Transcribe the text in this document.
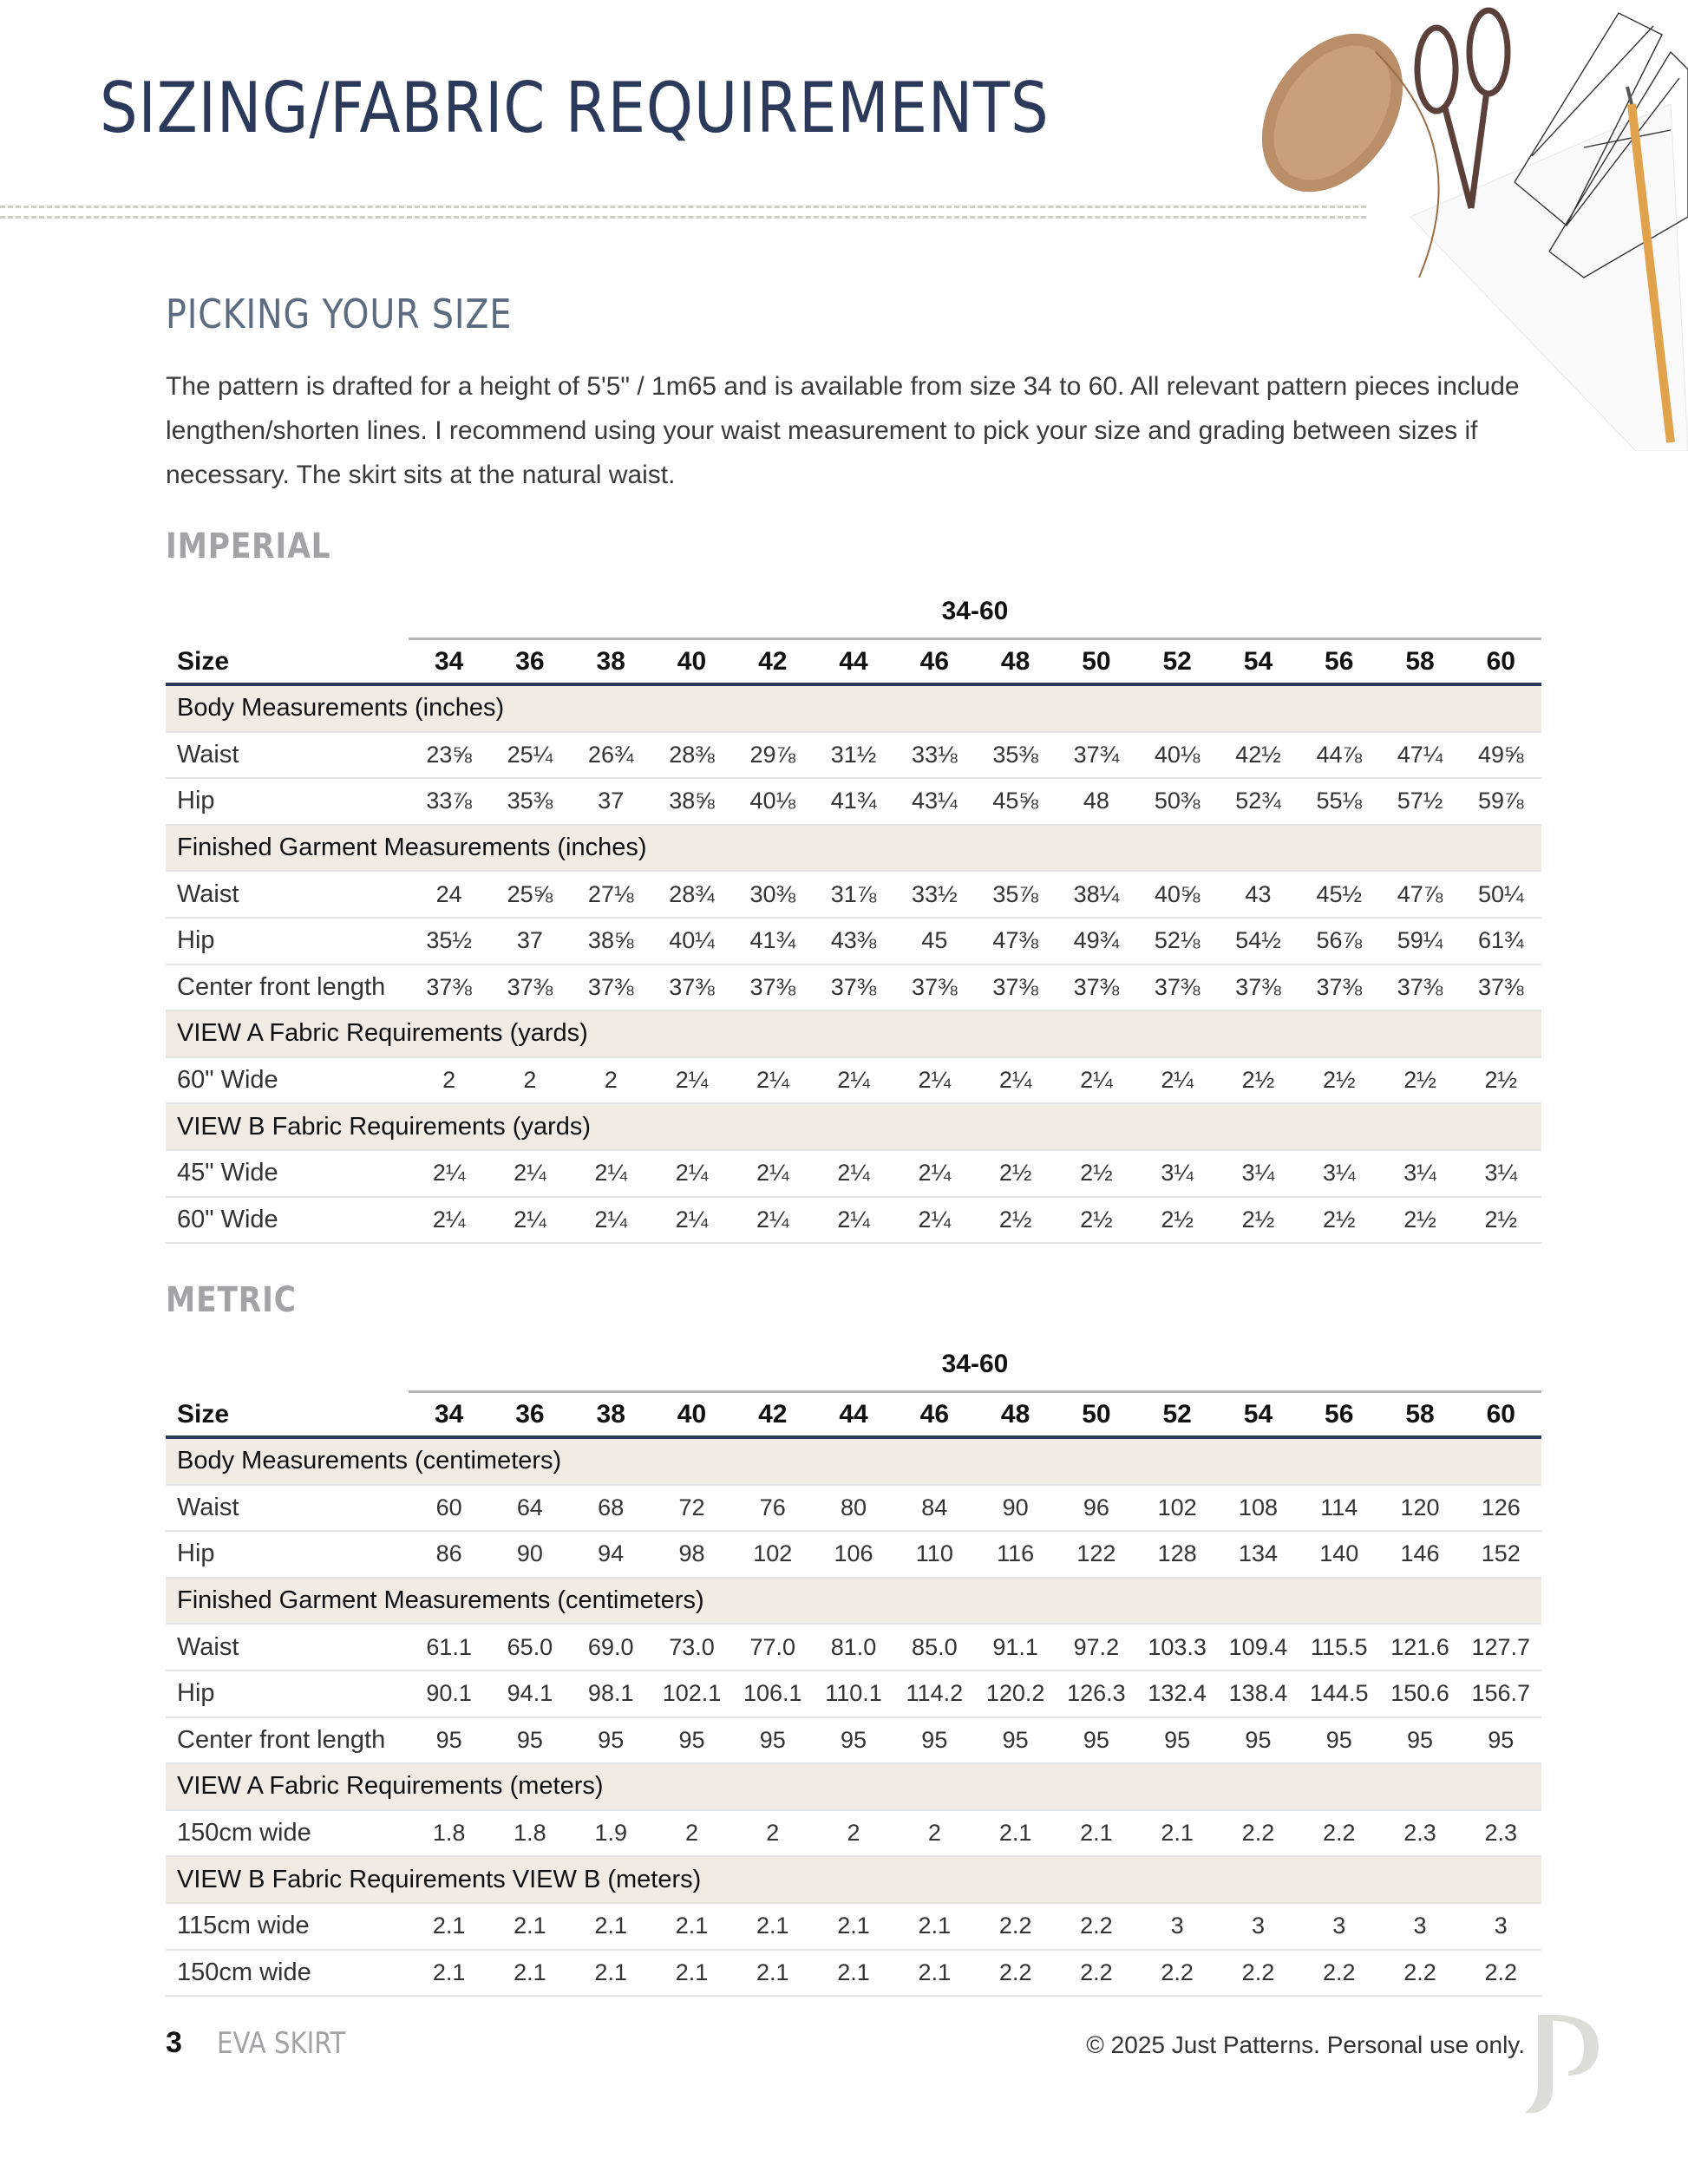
SIZING/FABRIC REQUIREMENTS
PICKING YOUR SIZE

The pattern is drafted for a height of 5'5" / 1m65 and is available from size 34 to 60. All relevant pattern pieces include lengthen/shorten lines. I recommend using your waist measurement to pick your size and grading between sizes if necessary. The skirt sits at the natural waist.

IMPERIAL
34-60
Size	34	36	38	40	42	44	46	48	50	52	54	56	58	60
Body Measurements (inches)
Waist	23⅝	25¼	26¾	28⅜	29⅞	31½	33⅛	35⅜	37¾	40⅛	42½	44⅞	47¼	49⅝
Hip	33⅞	35⅜	37	38⅝	40⅛	41¾	43¼	45⅝	48	50⅜	52¾	55⅛	57½	59⅞
Finished Garment Measurements (inches)
Waist	24	25⅝	27⅛	28¾	30⅜	31⅞	33½	35⅞	38¼	40⅝	43	45½	47⅞	50¼
Hip	35½	37	38⅝	40¼	41¾	43⅜	45	47⅜	49¾	52⅛	54½	56⅞	59¼	61¾
Center front length	37⅜	37⅜	37⅜	37⅜	37⅜	37⅜	37⅜	37⅜	37⅜	37⅜	37⅜	37⅜	37⅜	37⅜
VIEW A Fabric Requirements (yards)
60" Wide	2	2	2	2¼	2¼	2¼	2¼	2¼	2¼	2¼	2½	2½	2½	2½
VIEW B Fabric Requirements (yards)
45" Wide	2¼	2¼	2¼	2¼	2¼	2¼	2¼	2½	2½	3¼	3¼	3¼	3¼	3¼
60" Wide	2¼	2¼	2¼	2¼	2¼	2¼	2¼	2½	2½	2½	2½	2½	2½	2½
METRIC
34-60
Size	34	36	38	40	42	44	46	48	50	52	54	56	58	60
Body Measurements (centimeters)
Waist	60	64	68	72	76	80	84	90	96	102	108	114	120	126
Hip	86	90	94	98	102	106	110	116	122	128	134	140	146	152
Finished Garment Measurements (centimeters)
Waist	61.1	65.0	69.0	73.0	77.0	81.0	85.0	91.1	97.2	103.3 109.4 115.5 121.6 127.7
Hip	90.1	94.1	98.1	102.1 106.1 110.1	114.2 120.2 126.3 132.4 138.4 144.5 150.6 156.7
Center front length	95	95	95	95	95	95	95	95	95	95	95	95	95	95
VIEW A Fabric Requirements (meters)
150cm wide	1.8	1.8	1.9	2	2	2	2	2.1	2.1	2.1	2.2	2.2	2.3	2.3
VIEW B Fabric Requirements VIEW B (meters)
115cm wide	2.1	2.1	2.1	2.1	2.1	2.1	2.1	2.2	2.2	3	3	3	3	3
150cm wide	2.1	2.1	2.1	2.1	2.1	2.1	2.1	2.2	2.2	2.2	2.2	2.2	2.2	2.2
3 EVA SKIRT	© 2025 Just Patterns. Personal use only.
